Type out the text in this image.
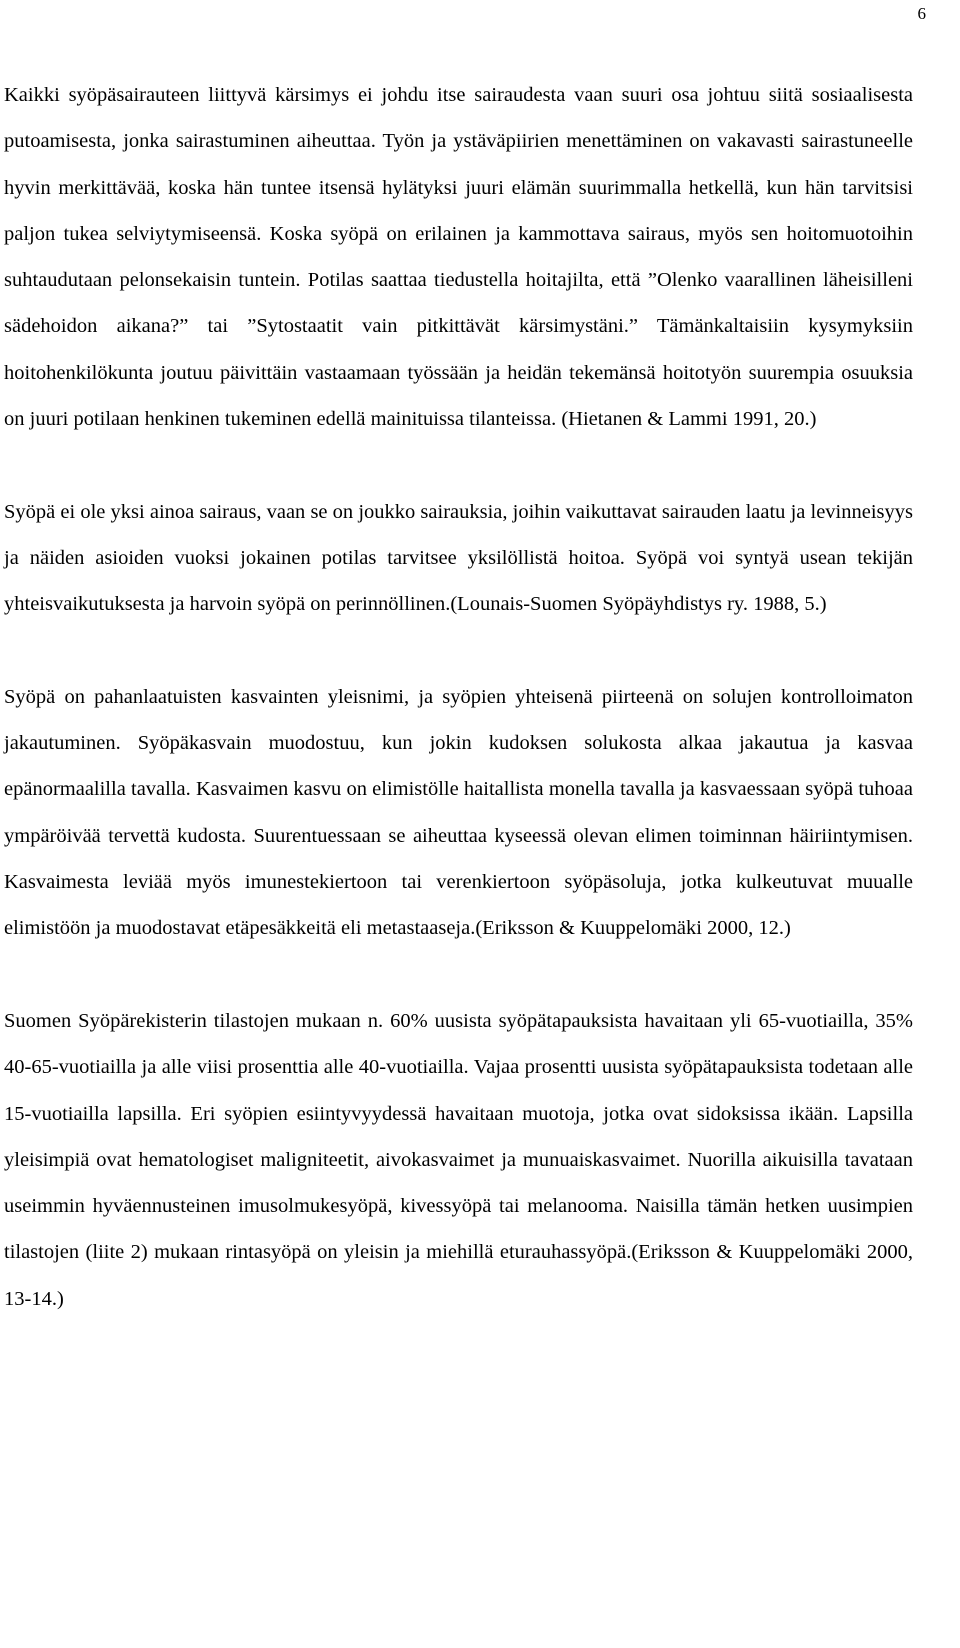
6

Kaikki syöpäsairauteen liittyvä kärsimys ei johdu itse sairaudesta vaan suuri osa johtuu siitä sosiaalisesta putoamisesta, jonka sairastuminen aiheuttaa. Työn ja ystäväpiirien menettäminen on vakavasti sairastuneelle hyvin merkittävää, koska hän tuntee itsensä hylätyksi juuri elämän suurimmalla hetkellä, kun hän tarvitsisi paljon tukea selviytymiseensä. Koska syöpä on erilainen ja kammottava sairaus, myös sen hoitomuotoihin suhtaudutaan pelonsekaisin tuntein. Potilas saattaa tiedustella hoitajilta, että ”Olenko vaarallinen läheisilleni sädehoidon aikana?” tai ”Sytostaatit vain pitkittävät kärsimystäni.” Tämänkaltaisiin kysymyksiin hoitohenkilökunta joutuu päivittäin vastaamaan työssään ja heidän tekemänsä hoitotyön suurempia osuuksia on juuri potilaan henkinen tukeminen edellä mainituissa tilanteissa. (Hietanen & Lammi 1991, 20.)

Syöpä ei ole yksi ainoa sairaus, vaan se on joukko sairauksia, joihin vaikuttavat sairauden laatu ja levinneisyys ja näiden asioiden vuoksi jokainen potilas tarvitsee yksilöllistä hoitoa. Syöpä voi syntyä usean tekijän yhteisvaikutuksesta ja harvoin syöpä on perinnöllinen.(Lounais-Suomen Syöpäyhdistys ry. 1988, 5.)

Syöpä on pahanlaatuisten kasvainten yleisnimi, ja syöpien yhteisenä piirteenä on solujen kontrolloimaton jakautuminen. Syöpäkasvain muodostuu, kun jokin kudoksen solukosta alkaa jakautua ja kasvaa epänormaalilla tavalla. Kasvaimen kasvu on elimistölle haitallista monella tavalla ja kasvaessaan syöpä tuhoaa ympäröivää tervettä kudosta. Suurentuessaan se aiheuttaa kyseessä olevan elimen toiminnan häiriintymisen. Kasvaimesta leviää myös imunestekiertoon tai verenkiertoon syöpäsoluja, jotka kulkeutuvat muualle elimistöön ja muodostavat etäpesäkkeitä eli metastaaseja.(Eriksson & Kuuppelomäki 2000, 12.)

Suomen Syöpärekisterin tilastojen mukaan n. 60% uusista syöpätapauksista havaitaan yli 65-vuotiailla, 35% 40-65-vuotiailla ja alle viisi prosenttia alle 40-vuotiailla. Vajaa prosentti uusista syöpätapauksista todetaan alle 15-vuotiailla lapsilla. Eri syöpien esiintyvyydessä havaitaan muotoja, jotka ovat sidoksissa ikään. Lapsilla yleisimpiä ovat hematologiset maligniteetit, aivokasvaimet ja munuaiskasvaimet. Nuorilla aikuisilla tavataan useimmin hyväennusteinen imusolmukesyöpä, kivessyöpä tai melanooma. Naisilla tämän hetken uusimpien tilastojen (liite 2) mukaan rintasyöpä on yleisin ja miehillä eturauhassyöpä.(Eriksson & Kuuppelomäki 2000, 13-14.)
